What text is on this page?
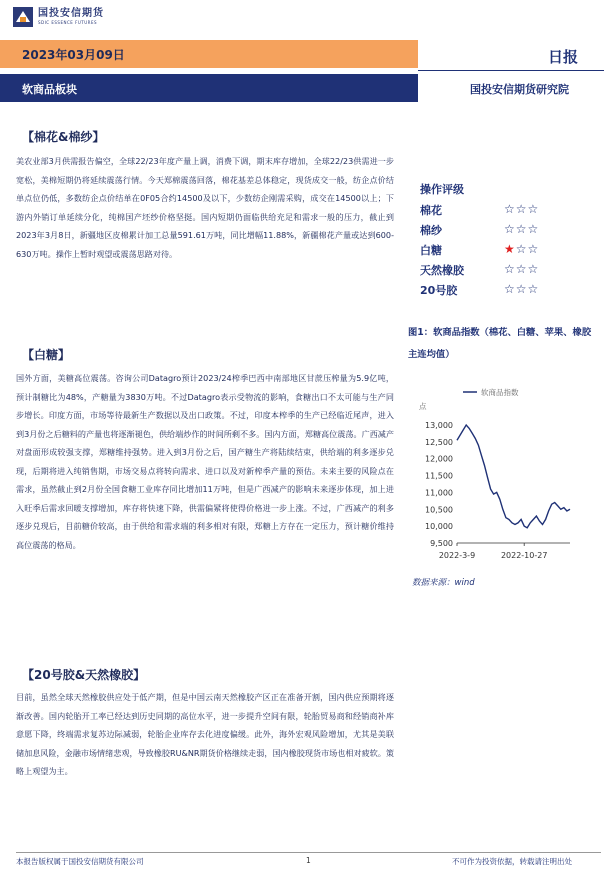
国投安信期货
SDIC ESSENCE FUTURES
2023年03月09日
软商品板块
日报
国投安信期货研究院
【棉花&棉纱】
美农业部3月供需报告偏空，全球22/23年度产量上调，消费下调，期末库存增加，全球22/23供需进一步宽松，美棉短期仍将延续震荡行情。今天郑棉震荡回落，棉花基差总体稳定，现货成交一般，纺企点价结单点位仍低，多数纺企点价结单在0F05合约14500及以下，少数纺企刚需采购，成交在14500以上；下游内外销订单延续分化，纯棉国产坯纱价格坚挺。国内短期仍面临供给充足和需求一般的压力，截止到2023年3月8日，新疆地区皮棉累计加工总量591.61万吨，同比增幅11.88%，新疆棉花产量或达到600-630万吨。操作上暂时观望或震荡思路对待。
【白糖】
国外方面，美糖高位震荡。咨询公司Datagro预计2023/24榨季巴西中南部地区甘蔗压榨量为5.9亿吨，预计制糖比为48%，产糖量为3830万吨。不过Datagro表示受物流的影响，食糖出口不太可能与生产同步增长。印度方面，市场等待最新生产数据以及出口政策。不过，印度本榨季的生产已经临近尾声，进入到3月份之后糖料的产量也将逐渐褪色，供给端炒作的时间所剩不多。国内方面，郑糖高位震荡。广西减产对盘面形成较强支撑，郑糖维持强势。进入到3月份之后，国产糖生产将陆续结束，供给端的利多逐步兑现，后期将进入纯销售期，市场交易点将转向需求、进口以及对新榨季产量的预估。未来主要的风险点在需求，虽然截止到2月份全国食糖工业库存同比增加11万吨，但是广西减产的影响未来逐步体现，加上进入旺季后需求回暖支撑增加，库存将快速下降，供需偏紧将使得价格进一步上涨。不过，广西减产的利多逐步兑现后，目前糖价较高，由于供给和需求端的利多相对有限，郑糖上方存在一定压力，预计糖价维持高位震荡的格局。
【20号胶&天然橡胶】
目前，虽然全球天然橡胶供应处于低产期，但是中国云南天然橡胶产区正在准备开割，国内供应预期将逐渐改善。国内轮胎开工率已经达到历史同期的高位水平，进一步提升空间有限，轮胎贸易商和经销商补库意愿下降，终端需求复苏边际减弱，轮胎企业库存去化进度偏缓。此外，海外宏观风险增加，尤其是美联储加息风险，金融市场情绪悲观，导致橡胶RU&NR期货价格继续走弱，国内橡胶现货市场也相对疲软。策略上观望为主。
操作评级
棉花	☆☆☆
棉纱	☆☆☆
白糖	★☆☆
天然橡胶	☆☆☆
20号胶	☆☆☆
图1：软商品指数（棉花、白糖、苹果、橡胶主连均值）
软商品指数
点
9,500
10,000
10,500
11,000
11,500
12,000
12,500
13,000
2022-3-9	2022-10-27
数据来源：wind
本报告版权属于国投安信期货有限公司	1	不可作为投资依据，转载请注明出处
